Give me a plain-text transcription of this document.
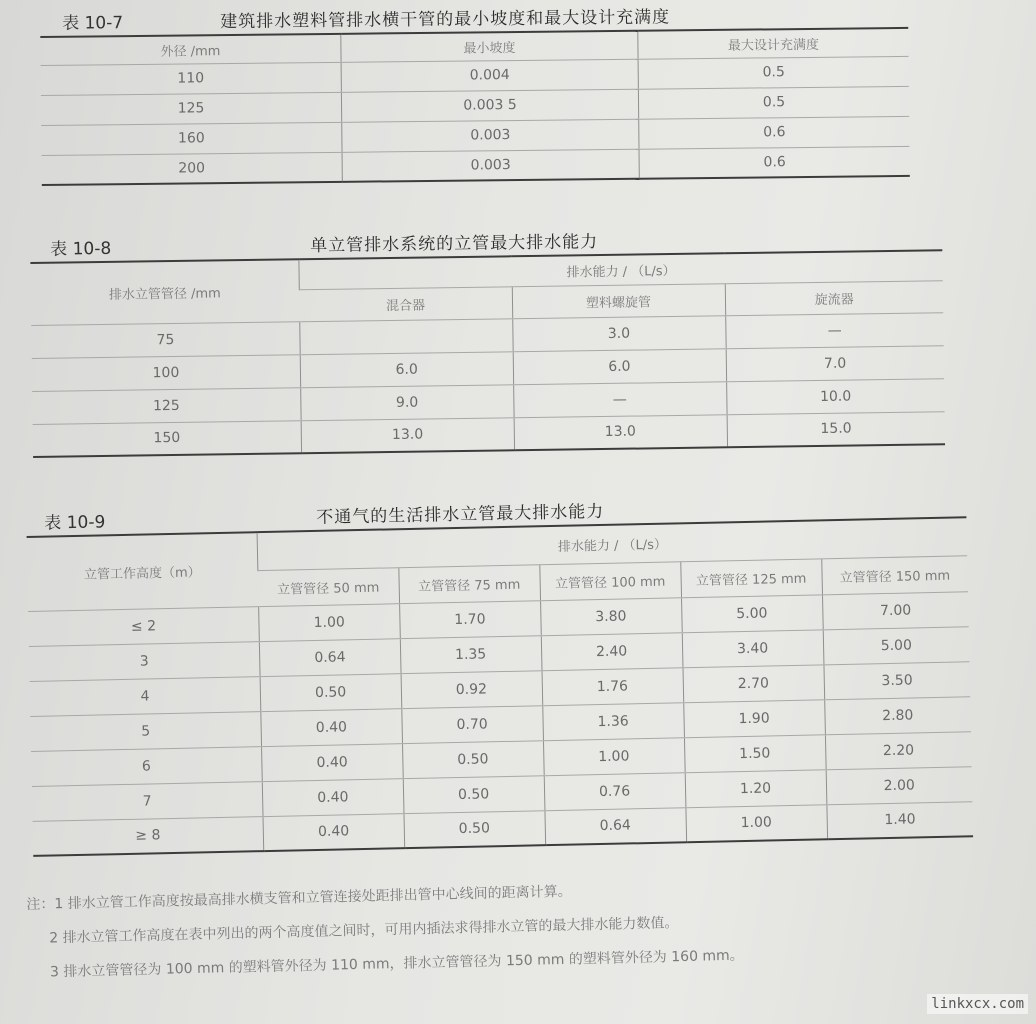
表 10-7	建筑排水塑料管排水横干管的最小坡度和最大设计充满度
外径 /mm	最小坡度	最大设计充满度
110	0.004	0.5
125	0.003 5	0.5
160	0.003	0.6
200	0.003	0.6
表 10-8	单立管排水系统的立管最大排水能力
排水立管管径 /mm	排水能力 / （L/s）		
	混合器	塑料螺旋管	旋流器
75		3.0	—
100	6.0	6.0	7.0
125	9.0	—	10.0
150	13.0	13.0	15.0
表 10-9	不通气的生活排水立管最大排水能力
立管工作高度（m）	排水能力 / （L/s）				
	立管管径 50 mm	立管管径 75 mm	立管管径 100 mm	立管管径 125 mm	立管管径 150 mm
≤ 2	1.00	1.70	3.80	5.00	7.00
3	0.64	1.35	2.40	3.40	5.00
4	0.50	0.92	1.76	2.70	3.50
5	0.40	0.70	1.36	1.90	2.80
6	0.40	0.50	1.00	1.50	2.20
7	0.40	0.50	0.76	1.20	2.00
≥ 8	0.40	0.50	0.64	1.00	1.40
注：1 排水立管工作高度按最高排水横支管和立管连接处距排出管中心线间的距离计算。
2 排水立管工作高度在表中列出的两个高度值之间时，可用内插法求得排水立管的最大排水能力数值。
3 排水立管管径为 100 mm 的塑料管外径为 110 mm，排水立管管径为 150 mm 的塑料管外径为 160 mm。
linkxcx.com
